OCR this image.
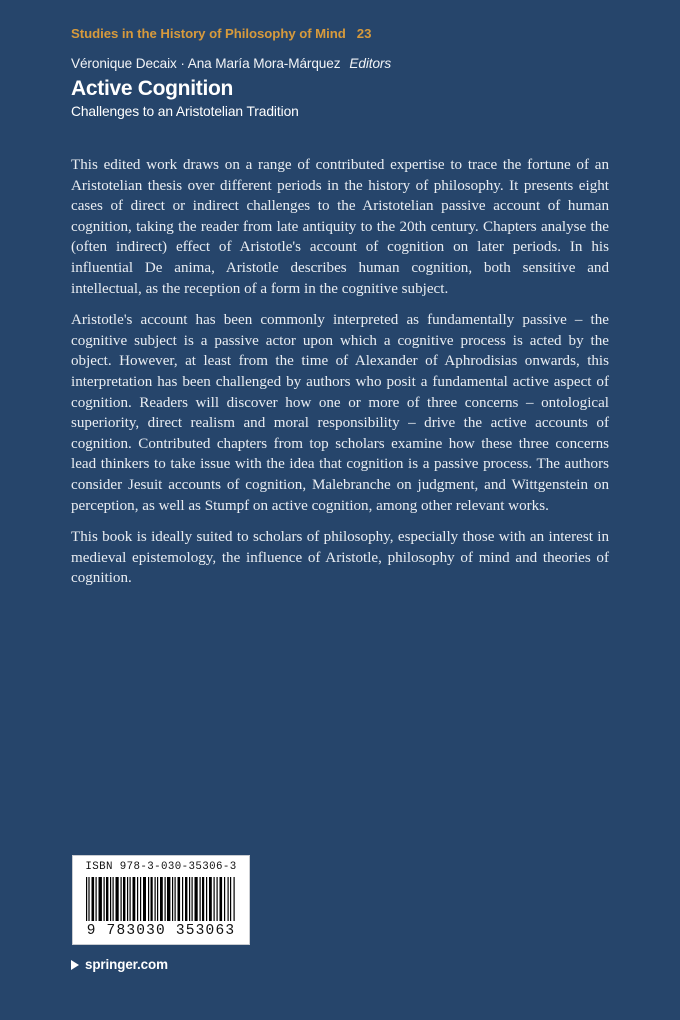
Studies in the History of Philosophy of Mind 23
Véronique Decaix · Ana María Mora-Márquez Editors
Active Cognition
Challenges to an Aristotelian Tradition

This edited work draws on a range of contributed expertise to trace the fortune of an Aristotelian thesis over different periods in the history of philosophy. It presents eight cases of direct or indirect challenges to the Aristotelian passive account of human cognition, taking the reader from late antiquity to the 20th century. Chapters analyse the (often indirect) effect of Aristotle's account of cognition on later periods. In his influential De anima, Aristotle describes human cognition, both sensitive and intellectual, as the reception of a form in the cognitive subject.

Aristotle's account has been commonly interpreted as fundamentally passive – the cognitive subject is a passive actor upon which a cognitive process is acted by the object. However, at least from the time of Alexander of Aphrodisias onwards, this interpretation has been challenged by authors who posit a fundamental active aspect of cognition. Readers will discover how one or more of three concerns – ontological superiority, direct realism and moral responsibility – drive the active accounts of cognition. Contributed chapters from top scholars examine how these three concerns lead thinkers to take issue with the idea that cognition is a passive process. The authors consider Jesuit accounts of cognition, Malebranche on judgment, and Wittgenstein on perception, as well as Stumpf on active cognition, among other relevant works.

This book is ideally suited to scholars of philosophy, especially those with an interest in medieval epistemology, the influence of Aristotle, philosophy of mind and theories of cognition.

ISBN 978-3-030-35306-3
9 783030 353063
springer.com
